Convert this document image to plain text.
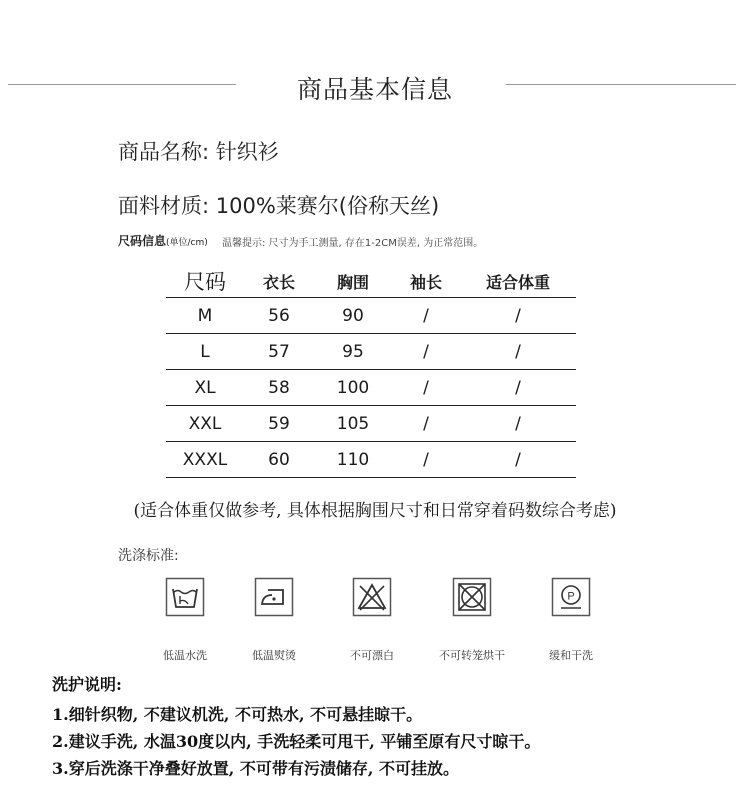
商品基本信息
商品名称: 针织衫
面料材质: 100%莱赛尔(俗称天丝)
尺码信息(单位/cm) 温馨提示: 尺寸为手工测量, 存在1-2CM误差, 为正常范围。
尺码	衣长	胸围	袖长	适合体重
M	56	90	/	/
L	57	95	/	/
XL	58	100	/	/
XXL	59	105	/	/
XXXL	60	110	/	/
(适合体重仅做参考, 具体根据胸围尺寸和日常穿着码数综合考虑)
洗涤标准:
P
低温水洗	低温熨烫	不可漂白	不可转笼烘干	缓和干洗
洗护说明:
1.细针织物, 不建议机洗, 不可热水, 不可悬挂晾干。
2.建议手洗, 水温30度以内, 手洗轻柔可甩干, 平铺至原有尺寸晾干。
3.穿后洗涤干净叠好放置, 不可带有污渍储存, 不可挂放。
